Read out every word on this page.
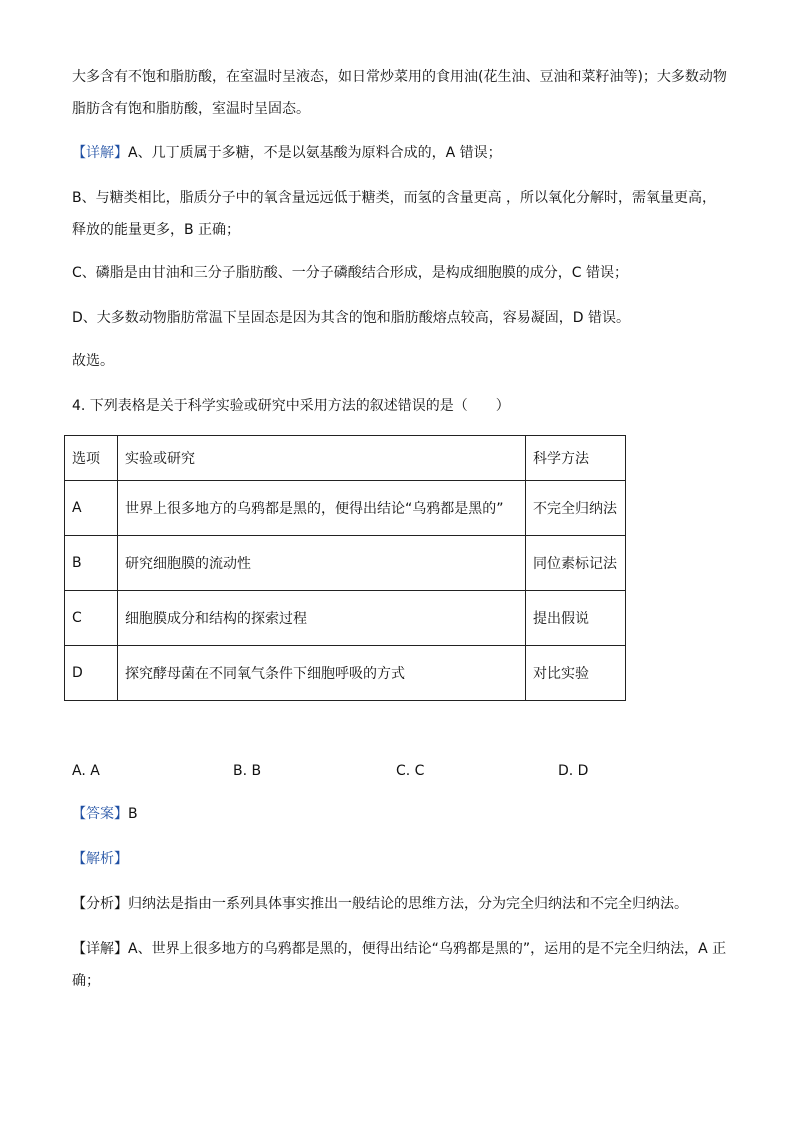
大多含有不饱和脂肪酸，在室温时呈液态，如日常炒菜用的食用油(花生油、豆油和菜籽油等)；大多数动物
脂肪含有饱和脂肪酸，室温时呈固态。
【详解】A、几丁质属于多糖，不是以氨基酸为原料合成的，A 错误；
B、与糖类相比，脂质分子中的氧含量远远低于糖类，而氢的含量更高 ，所以氧化分解时，需氧量更高，
释放的能量更多，B 正确；
C、磷脂是由甘油和三分子脂肪酸、一分子磷酸结合形成，是构成细胞膜的成分，C 错误；
D、大多数动物脂肪常温下呈固态是因为其含的饱和脂肪酸熔点较高，容易凝固，D 错误。
故选。
4. 下列表格是关于科学实验或研究中采用方法的叙述错误的是（　　）
选项	实验或研究	科学方法
A	世界上很多地方的乌鸦都是黑的，便得出结论“乌鸦都是黑的”	不完全归纳法
B	研究细胞膜的流动性	同位素标记法
C	细胞膜成分和结构的探索过程	提出假说
D	探究酵母菌在不同氧气条件下细胞呼吸的方式	对比实验
A. A	B. B	C. C	D. D
【答案】B
【解析】
【分析】归纳法是指由一系列具体事实推出一般结论的思维方法，分为完全归纳法和不完全归纳法。
【详解】A、世界上很多地方的乌鸦都是黑的，便得出结论“乌鸦都是黑的”，运用的是不完全归纳法，A 正
确；
